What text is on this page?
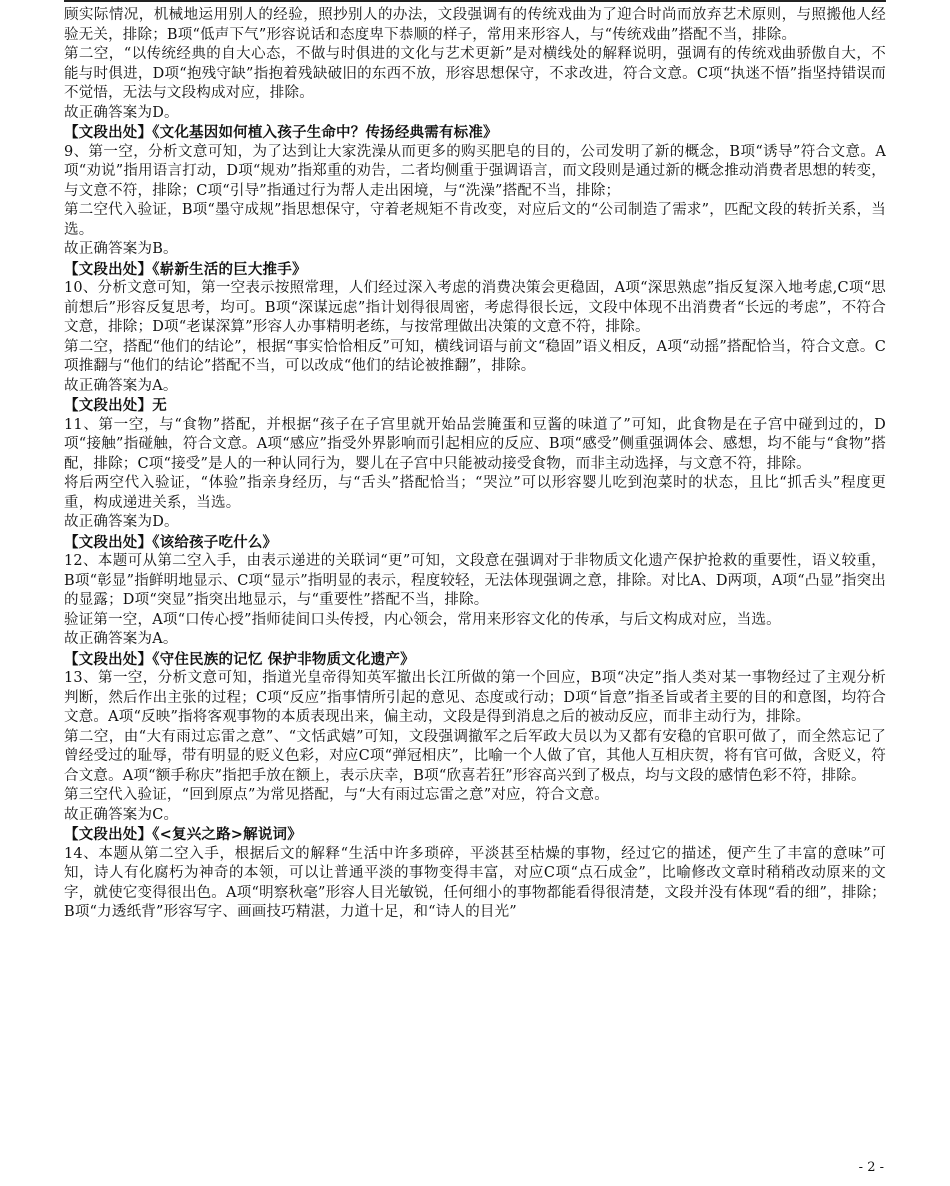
顾实际情况，机械地运用别人的经验，照抄别人的办法，文段强调有的传统戏曲为了迎合时尚而放弃艺术原则，与照搬他人经验无关，排除；B项“低声下气”形容说话和态度卑下恭顺的样子，常用来形容人，与“传统戏曲”搭配不当，排除。

第二空，“以传统经典的自大心态，不做与时俱进的文化与艺术更新”是对横线处的解释说明，强调有的传统戏曲骄傲自大，不能与时俱进，D项“抱残守缺”指抱着残缺破旧的东西不放，形容思想保守，不求改进，符合文意。C项“执迷不悟”指坚持错误而不觉悟，无法与文段构成对应，排除。

故正确答案为D。

【文段出处】《文化基因如何植入孩子生命中？传扬经典需有标准》

9、第一空，分析文意可知，为了达到让大家洗澡从而更多的购买肥皂的目的，公司发明了新的概念，B项“诱导”符合文意。A项“劝说”指用语言打动，D项“规劝”指郑重的劝告，二者均侧重于强调语言，而文段则是通过新的概念推动消费者思想的转变，与文意不符，排除；C项“引导”指通过行为帮人走出困境，与“洗澡”搭配不当，排除；

第二空代入验证，B项“墨守成规”指思想保守，守着老规矩不肯改变，对应后文的“公司制造了需求”，匹配文段的转折关系，当选。

故正确答案为B。

【文段出处】《崭新生活的巨大推手》

10、分析文意可知，第一空表示按照常理，人们经过深入考虑的消费决策会更稳固，A项“深思熟虑”指反复深入地考虑,C项“思前想后”形容反复思考，均可。B项“深谋远虑”指计划得很周密，考虑得很长远，文段中体现不出消费者“长远的考虑”，不符合文意，排除；D项“老谋深算”形容人办事精明老练，与按常理做出决策的文意不符，排除。

第二空，搭配“他们的结论”，根据“事实恰恰相反”可知，横线词语与前文“稳固”语义相反，A项“动摇”搭配恰当，符合文意。C项推翻与“他们的结论”搭配不当，可以改成“他们的结论被推翻”，排除。

故正确答案为A。

【文段出处】无

11、第一空，与“食物”搭配，并根据“孩子在子宫里就开始品尝腌蛋和豆酱的味道了”可知，此食物是在子宫中碰到过的，D项“接触”指碰触，符合文意。A项“感应”指受外界影响而引起相应的反应、B项“感受”侧重强调体会、感想，均不能与“食物”搭配，排除；C项“接受”是人的一种认同行为，婴儿在子宫中只能被动接受食物，而非主动选择，与文意不符，排除。

将后两空代入验证，“体验”指亲身经历，与“舌头”搭配恰当；“哭泣”可以形容婴儿吃到泡菜时的状态，且比“抓舌头”程度更重，构成递进关系，当选。

故正确答案为D。

【文段出处】《该给孩子吃什么》

12、本题可从第二空入手，由表示递进的关联词“更”可知，文段意在强调对于非物质文化遗产保护抢救的重要性，语义较重，B项“彰显”指鲜明地显示、C项“显示”指明显的表示，程度较轻，无法体现强调之意，排除。对比A、D两项，A项“凸显”指突出的显露；D项“突显”指突出地显示，与“重要性”搭配不当，排除。

验证第一空，A项“口传心授”指师徒间口头传授，内心领会，常用来形容文化的传承，与后文构成对应，当选。

故正确答案为A。

【文段出处】《守住民族的记忆 保护非物质文化遗产》

13、第一空，分析文意可知，指道光皇帝得知英军撤出长江所做的第一个回应，B项“决定”指人类对某一事物经过了主观分析判断，然后作出主张的过程；C项“反应”指事情所引起的意见、态度或行动；D项“旨意”指圣旨或者主要的目的和意图，均符合文意。A项“反映”指将客观事物的本质表现出来，偏主动，文段是得到消息之后的被动反应，而非主动行为，排除。

第二空，由“大有雨过忘雷之意”、“文恬武嬉”可知，文段强调撤军之后军政大员以为又都有安稳的官职可做了，而全然忘记了曾经受过的耻辱，带有明显的贬义色彩，对应C项“弹冠相庆”，比喻一个人做了官，其他人互相庆贺，将有官可做，含贬义，符合文意。A项“额手称庆”指把手放在额上，表示庆幸，B项“欣喜若狂”形容高兴到了极点，均与文段的感情色彩不符，排除。

第三空代入验证，“回到原点”为常见搭配，与“大有雨过忘雷之意”对应，符合文意。

故正确答案为C。

【文段出处】《<复兴之路>解说词》

14、本题从第二空入手，根据后文的解释“生活中许多琐碎，平淡甚至枯燥的事物，经过它的描述，便产生了丰富的意味”可知，诗人有化腐朽为神奇的本领，可以让普通平淡的事物变得丰富，对应C项“点石成金”，比喻修改文章时稍稍改动原来的文字，就使它变得很出色。A项“明察秋毫”形容人目光敏锐，任何细小的事物都能看得很清楚，文段并没有体现“看的细”，排除；B项“力透纸背”形容写字、画画技巧精湛，力道十足，和“诗人的目光”

- 2 -
